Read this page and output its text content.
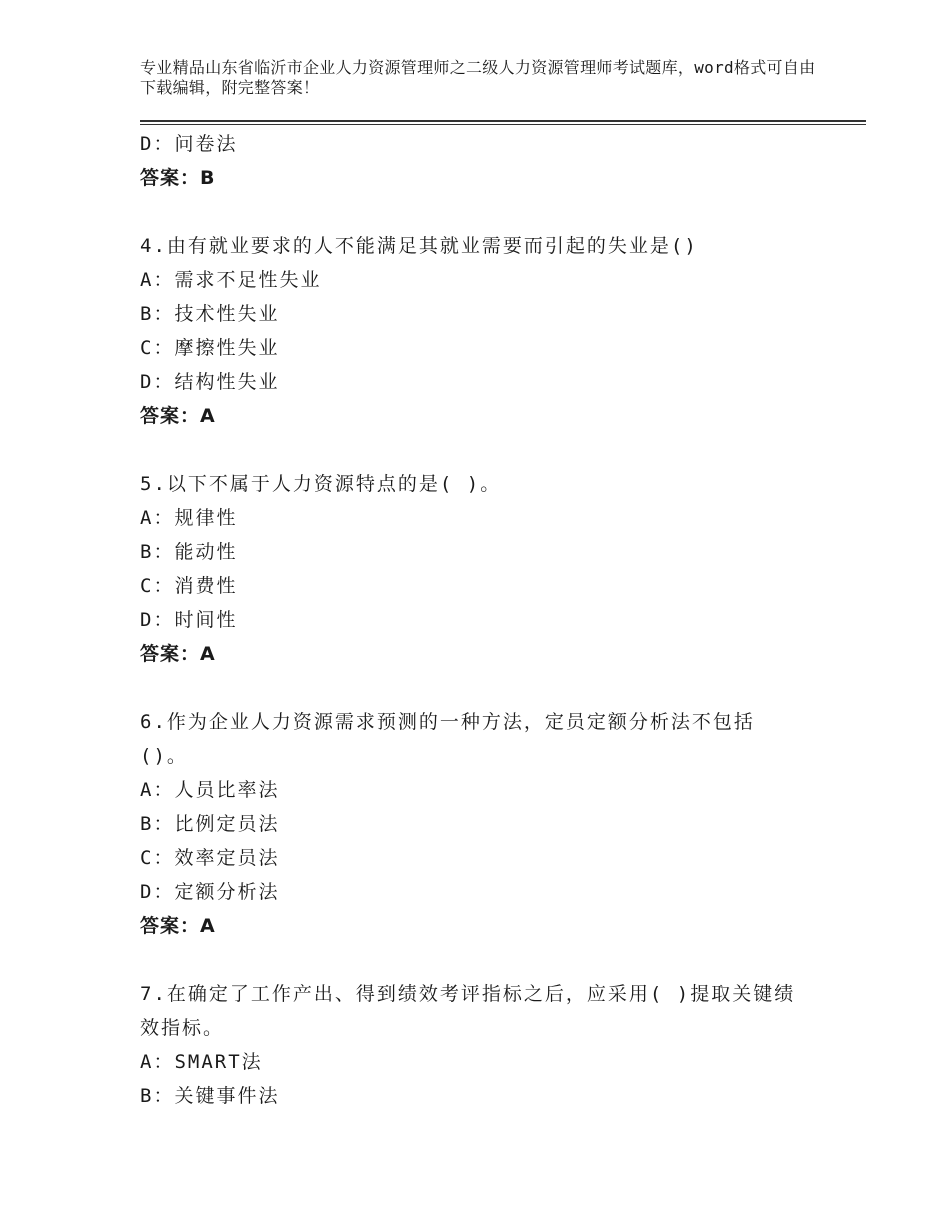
专业精品山东省临沂市企业人力资源管理师之二级人力资源管理师考试题库，word格式可自由下载编辑，附完整答案！
D：问卷法
答案：B
4.由有就业要求的人不能满足其就业需要而引起的失业是()
A：需求不足性失业
B：技术性失业
C：摩擦性失业
D：结构性失业
答案：A
5.以下不属于人力资源特点的是( )。
A：规律性
B：能动性
C：消费性
D：时间性
答案：A
6.作为企业人力资源需求预测的一种方法，定员定额分析法不包括
()。
A：人员比率法
B：比例定员法
C：效率定员法
D：定额分析法
答案：A
7.在确定了工作产出、得到绩效考评指标之后，应采用( )提取关键绩
效指标。
A：SMART法
B：关键事件法
